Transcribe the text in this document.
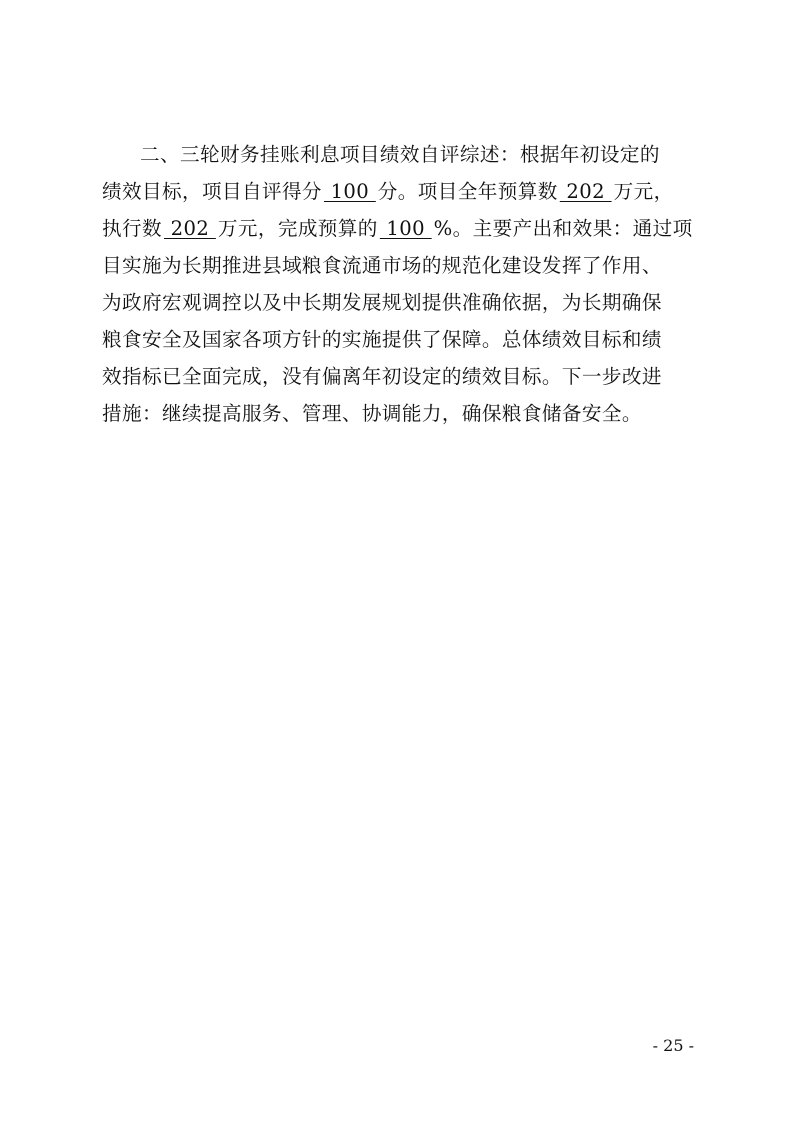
二、三轮财务挂账利息项目绩效自评综述：根据年初设定的
绩效目标，项目自评得分 100 分。项目全年预算数 202 万元，
执行数 202 万元，完成预算的 100 %。主要产出和效果：通过项
目实施为长期推进县域粮食流通市场的规范化建设发挥了作用、
为政府宏观调控以及中长期发展规划提供准确依据，为长期确保
粮食安全及国家各项方针的实施提供了保障。总体绩效目标和绩
效指标已全面完成，没有偏离年初设定的绩效目标。下一步改进
措施：继续提高服务、管理、协调能力，确保粮食储备安全。
- 25 -
